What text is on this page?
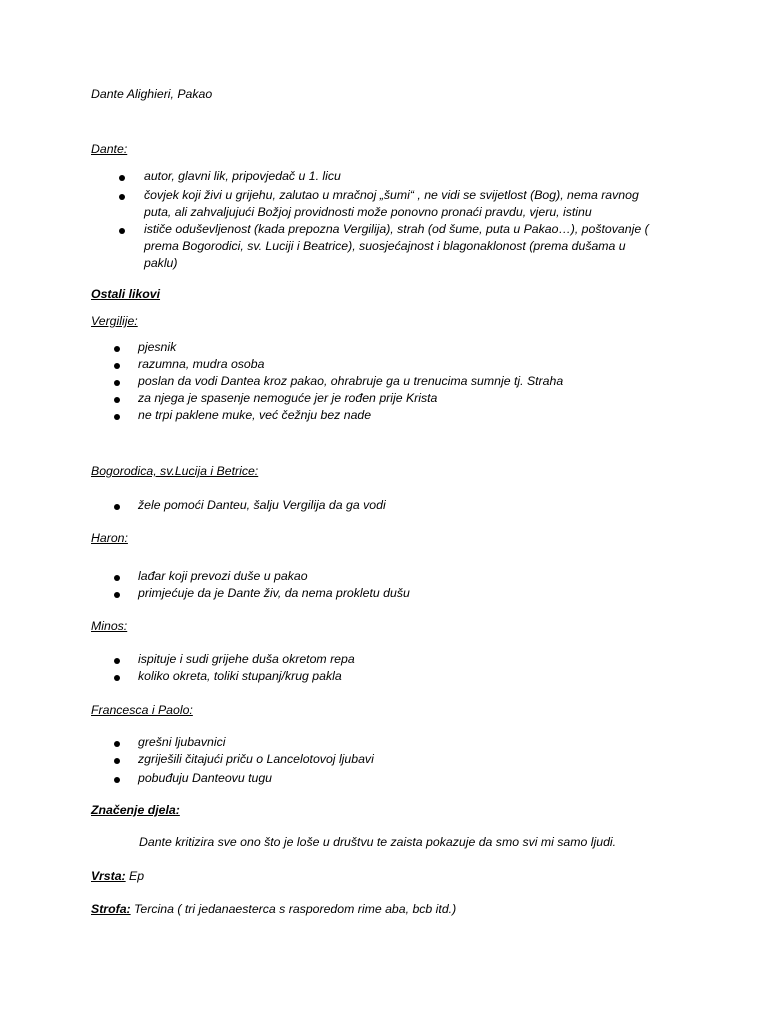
Dante Alighieri, Pakao
Dante:
autor, glavni lik, pripovjedač u 1. licu
čovjek koji živi u grijehu, zalutao u mračnoj „šumi“ , ne vidi se svijetlost (Bog), nema ravnog
puta, ali zahvaljujući Božjoj providnosti može ponovno pronaći pravdu, vjeru, istinu
ističe oduševljenost (kada prepozna Vergilija), strah (od šume, puta u Pakao…), poštovanje (
prema Bogorodici, sv. Luciji i Beatrice), suosjećajnost i blagonaklonost (prema dušama u
paklu)
Ostali likovi
Vergilije:
pjesnik
razumna, mudra osoba
poslan da vodi Dantea kroz pakao, ohrabruje ga u trenucima sumnje tj. Straha
za njega je spasenje nemoguće jer je rođen prije Krista
ne trpi paklene muke, već čežnju bez nade
Bogorodica, sv.Lucija i Betrice:
žele pomoći Danteu, šalju Vergilija da ga vodi
Haron:
lađar koji prevozi duše u pakao
primjećuje da je Dante živ, da nema prokletu dušu
Minos:
ispituje i sudi grijehe duša okretom repa
koliko okreta, toliki stupanj/krug pakla
Francesca i Paolo:
grešni ljubavnici
zgriješili čitajući priču o Lancelotovoj ljubavi
pobuđuju Danteovu tugu
Značenje djela:
Dante kritizira sve ono što je loše u društvu te zaista pokazuje da smo svi mi samo ljudi.
Vrsta: Ep
Strofa: Tercina ( tri jedanaesterca s rasporedom rime aba, bcb itd.)
